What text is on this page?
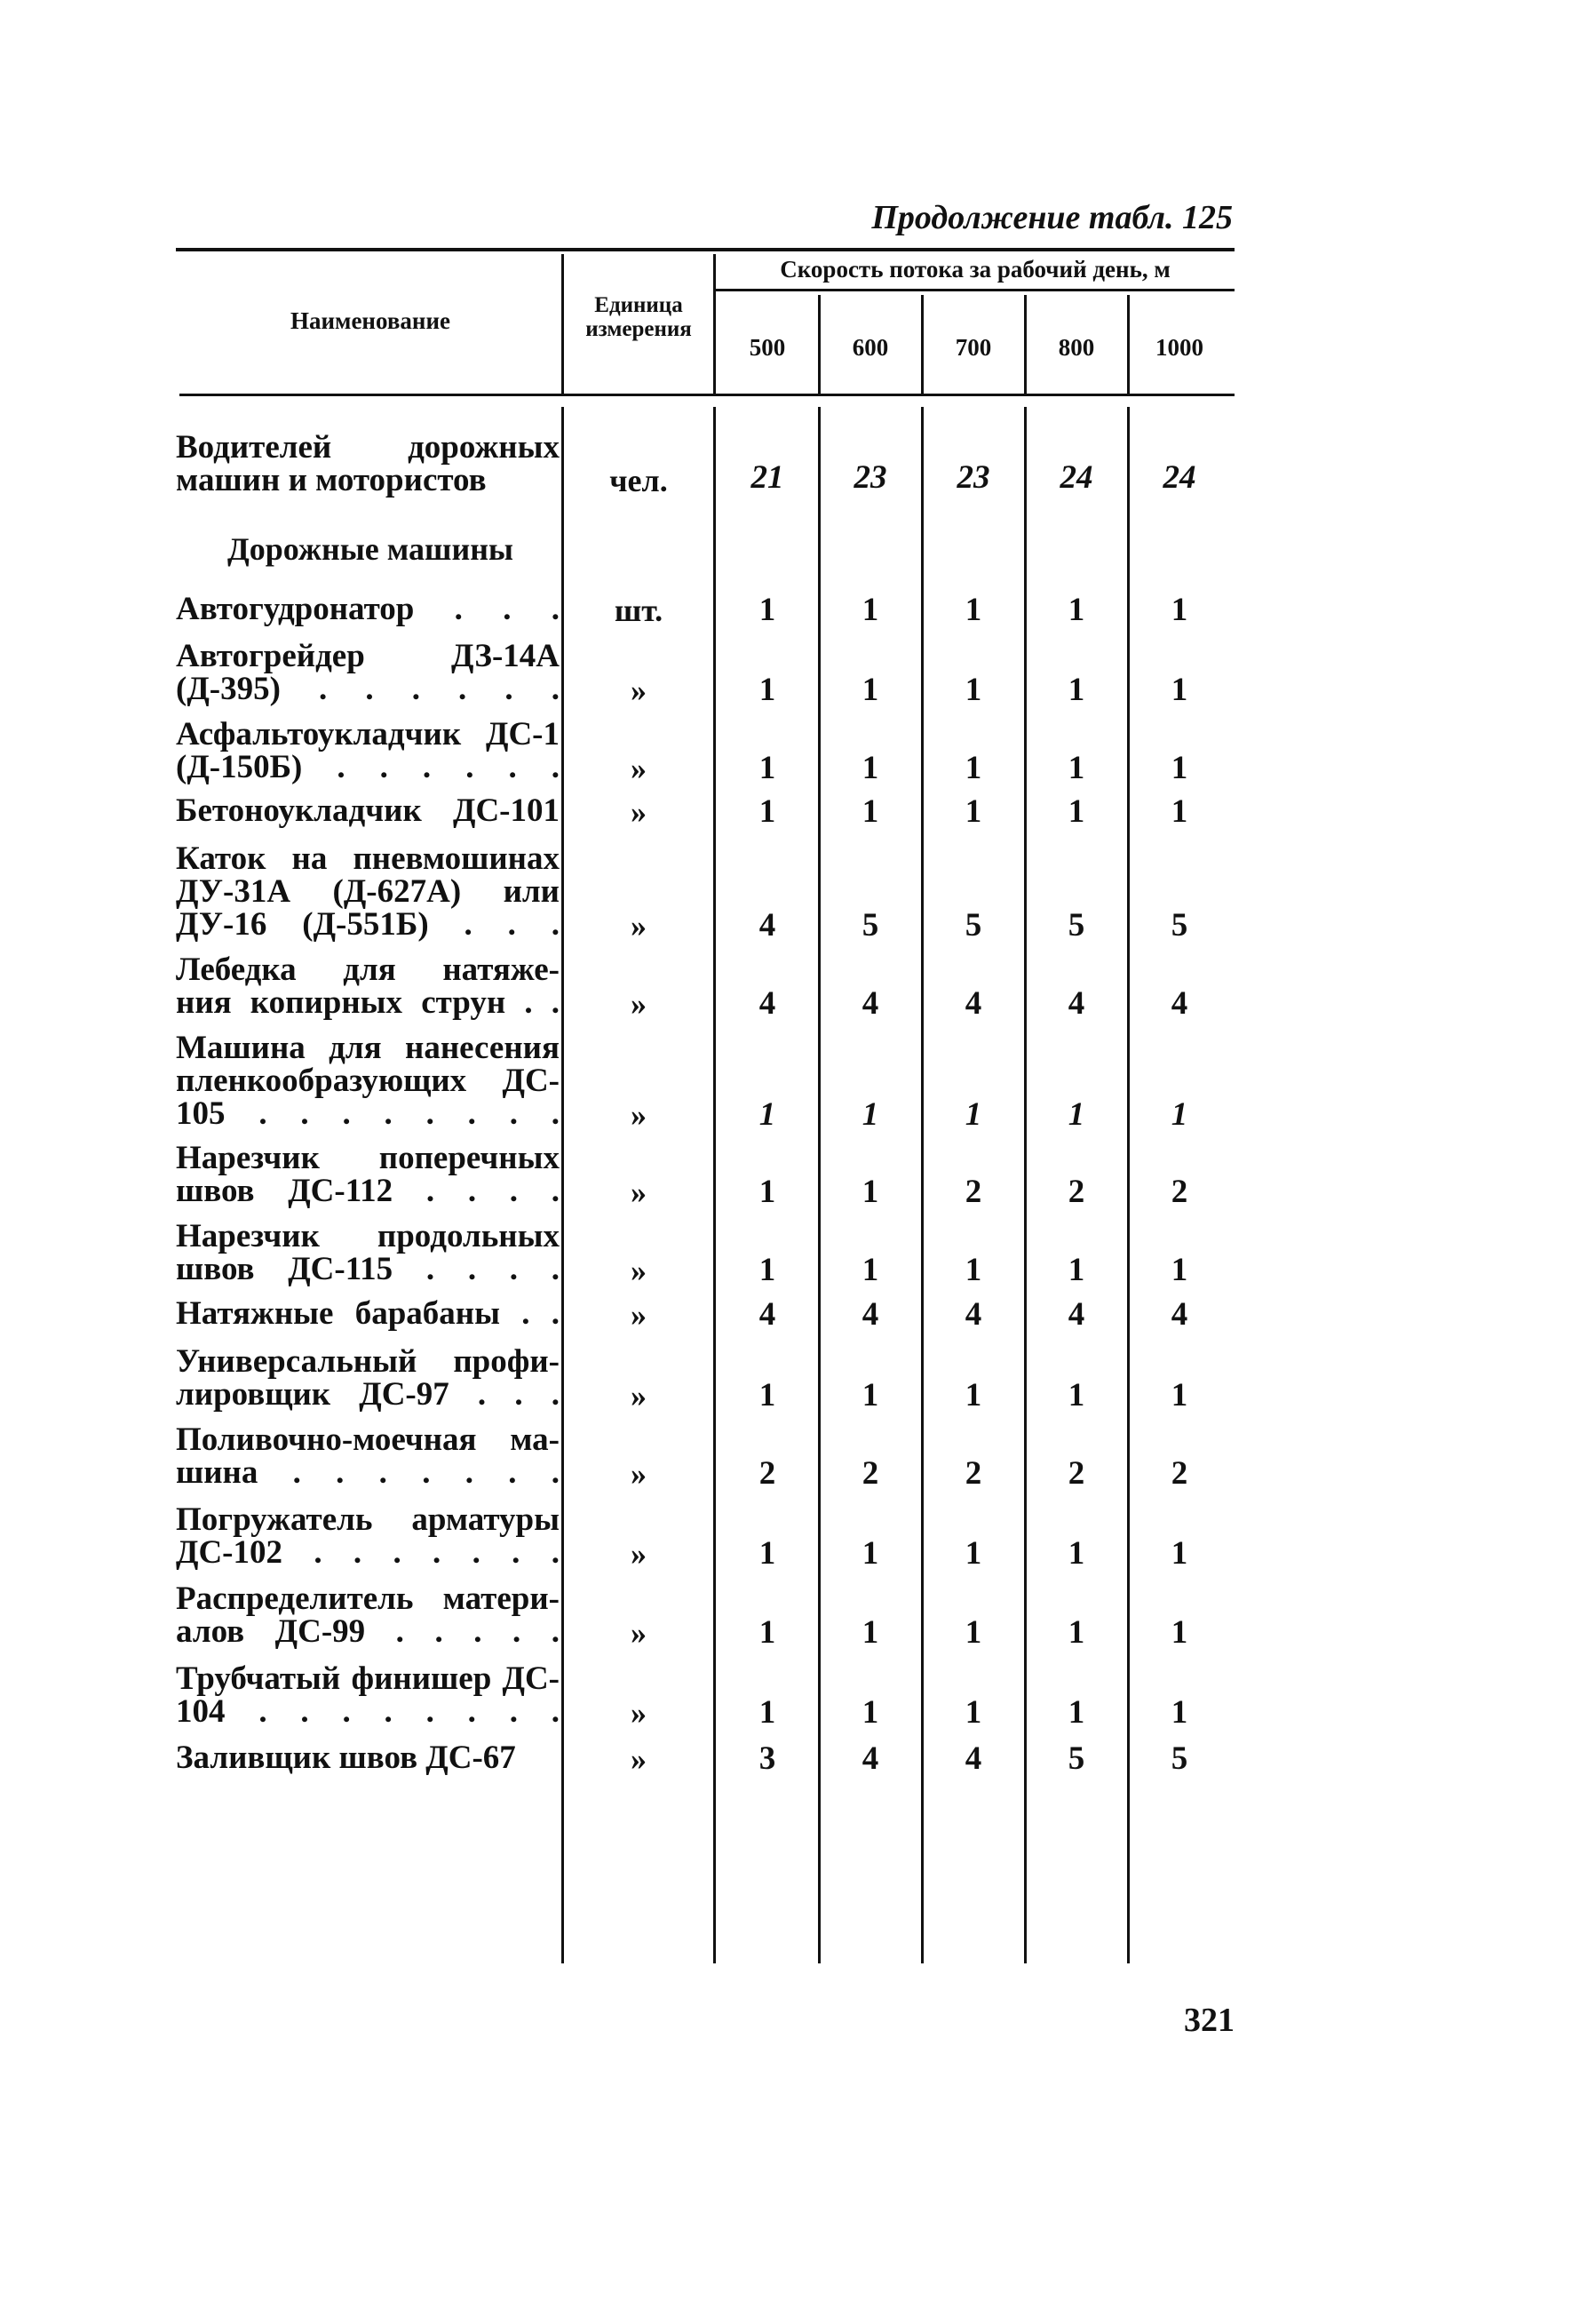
Продолжение табл. 125
Наименование
Единица
измерения
Скорость потока за рабочий день, м
500	600	700	800	1000
Водителей дорожных
машин и мотористов	чел.	21	23	23	24	24
Дорожные машины
Автогудронатор . . .	шт.	1	1	1	1	1
Автогрейдер ДЗ-14А
(Д-395) . . . . . .	»	1	1	1	1	1
Асфальтоукладчик ДС-1
(Д-150Б) . . . . . .	»	1	1	1	1	1
Бетоноукладчик ДС-101	»	1	1	1	1	1
Каток на пневмошинах
ДУ-31А (Д-627А) или
ДУ-16 (Д-551Б) . . .	»	4	5	5	5	5
Лебедка для натяже-
ния копирных струн . .	»	4	4	4	4	4
Машина для нанесения
пленкообразующих ДС-
105 . . . . . . . .	»	1	1	1	1	1
Нарезчик поперечных
швов ДС-112 . . . .	»	1	1	2	2	2
Нарезчик продольных
швов ДС-115 . . . .	»	1	1	1	1	1
Натяжные барабаны . .	»	4	4	4	4	4
Универсальный профи-
лировщик ДС-97 . . .	»	1	1	1	1	1
Поливочно-моечная ма-
шина . . . . . . .	»	2	2	2	2	2
Погружатель арматуры
ДС-102 . . . . . . .	»	1	1	1	1	1
Распределитель матери-
алов ДС-99 . . . . .	»	1	1	1	1	1
Трубчатый финишер ДС-
104 . . . . . . . .	»	1	1	1	1	1
Заливщик швов ДС-67	»	3	4	4	5	5
321
